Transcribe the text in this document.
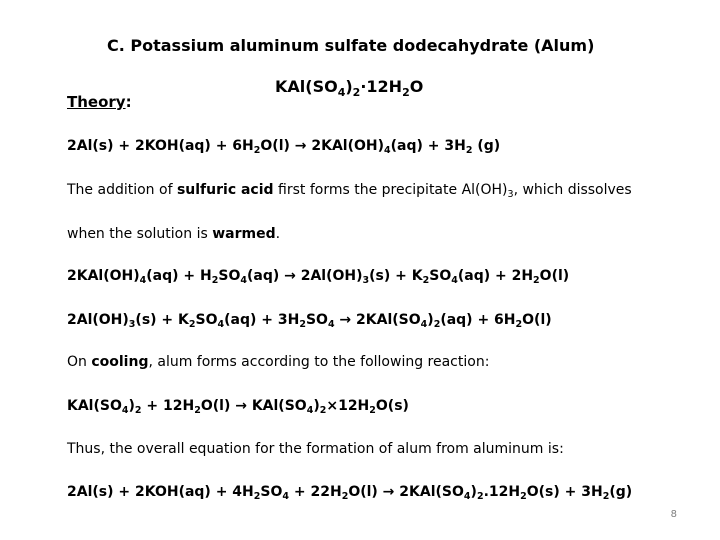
C. Potassium aluminum sulfate dodecahydrate (Alum)
Theory:
$KAl(SO_4)_2\cdot 12H_2O$
$2Al(s) + 2KOH(aq) + 6H_2O(l) \to 2KAl(OH)_4(aq) + 3H_2$ (g)
The addition of sulfuric acid first forms the precipitate $Al(OH)_3$, which dissolves
when the solution is warmed.
$2KAl(OH)_4(aq) + H_2SO_4(aq) \to 2Al(OH)_3(s) + K_2SO_4(aq) + 2H_2O(l)$
$2Al(OH)_3(s) + K_2SO_4(aq) + 3H_2SO_4 \to 2KAl(SO_4)_2(aq) + 6H_2O(l)$
On cooling, alum forms according to the following reaction:
$KAl(SO_4)_2 + 12H_2O(l) \to KAl(SO_4)_2\times 12H_2O(s)$
Thus, the overall equation for the formation of alum from aluminum is:
$2Al(s) + 2KOH(aq) + 4H_2SO_4 + 22H_2O(l) \to 2KAl(SO_4)_2.12H_2O(s) + 3H_2(g)$
8
